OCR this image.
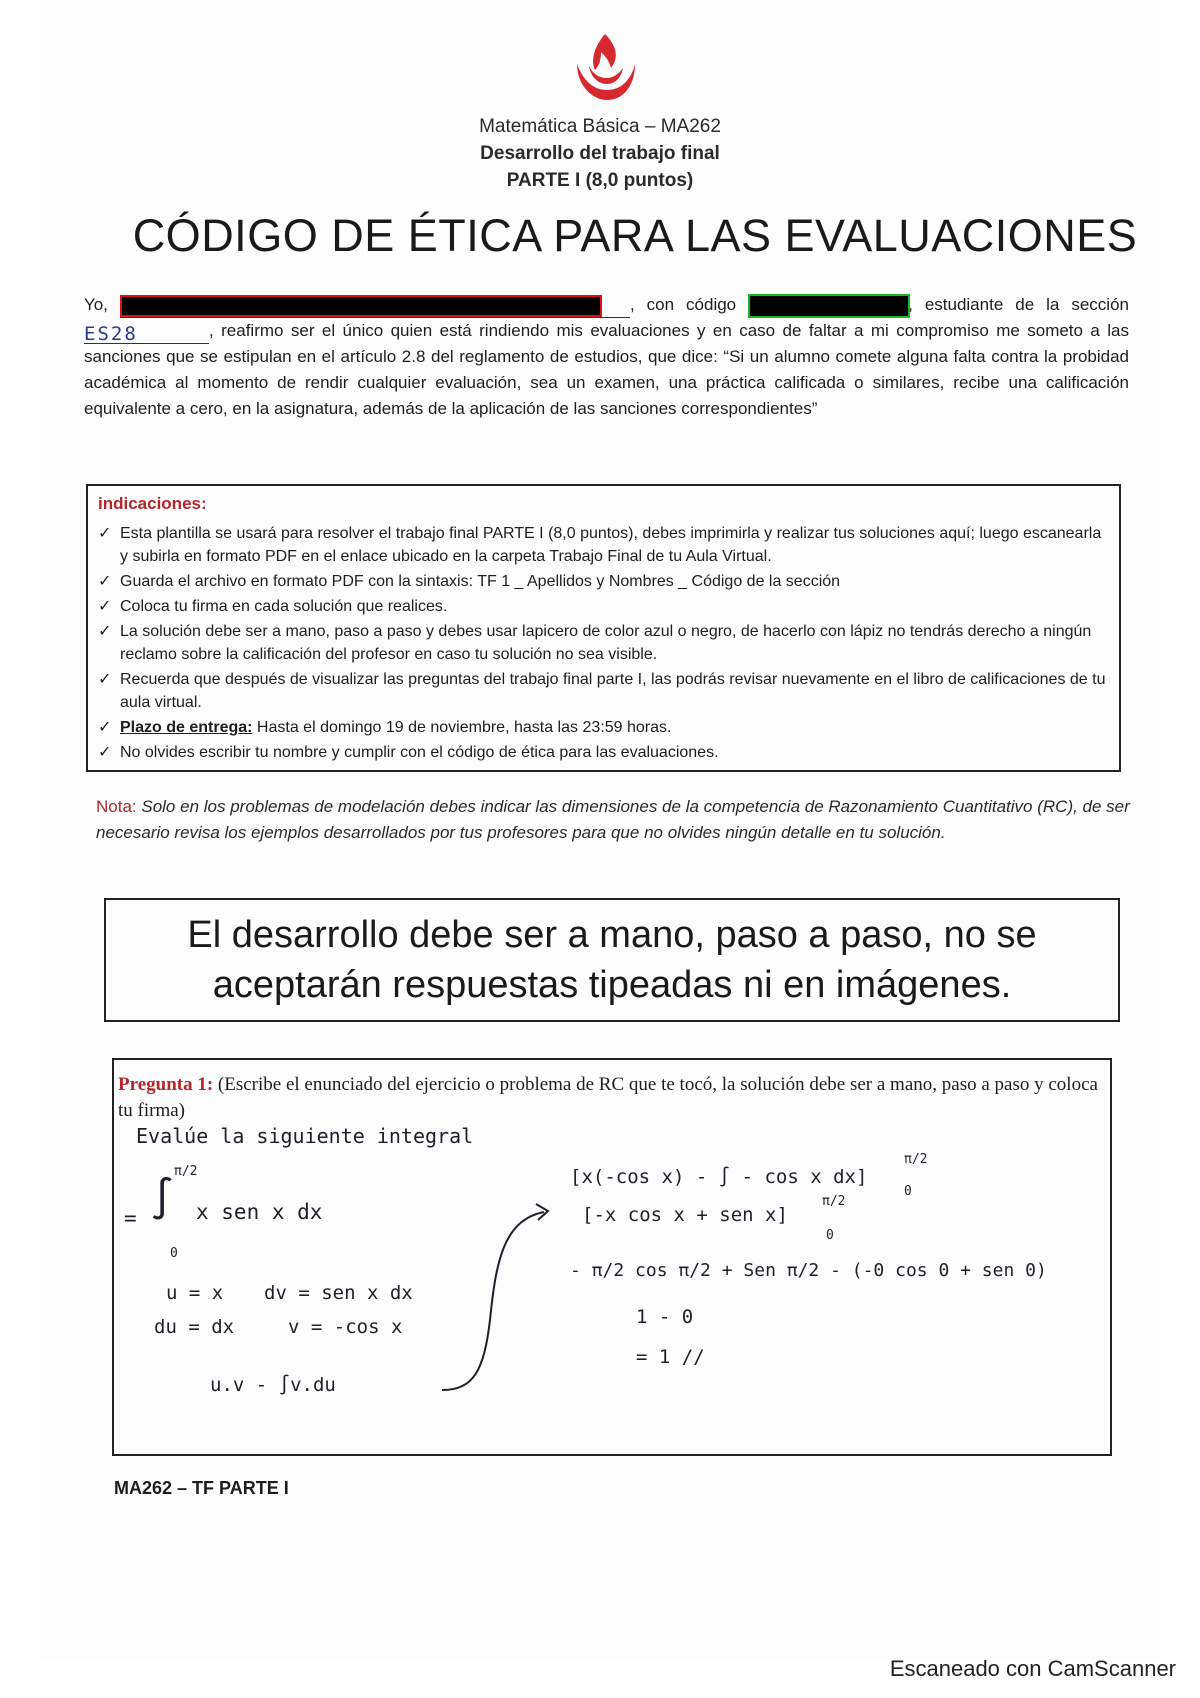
Matemática Básica – MA262
Desarrollo del trabajo final
PARTE I (8,0 puntos)
CÓDIGO DE ÉTICA PARA LAS EVALUACIONES

Yo,	, con código	, estudiante de la sección ES28	, reafirmo ser el único quien está rindiendo mis evaluaciones y en caso de faltar a mi compromiso me someto a las sanciones que se estipulan en el artículo 2.8 del reglamento de estudios, que dice: “Si un alumno comete alguna falta contra la probidad académica al momento de rendir cualquier evaluación, sea un examen, una práctica calificada o similares, recibe una calificación equivalente a cero, en la asignatura, además de la aplicación de las sanciones correspondientes”

indicaciones:
✓ Esta plantilla se usará para resolver el trabajo final PARTE I (8,0 puntos), debes imprimirla y realizar tus soluciones aquí; luego escanearla y subirla en formato PDF en el enlace ubicado en la carpeta Trabajo Final de tu Aula Virtual.
✓ Guarda el archivo en formato PDF con la sintaxis: TF 1 _ Apellidos y Nombres _ Código de la sección
✓ Coloca tu firma en cada solución que realices.
✓ La solución debe ser a mano, paso a paso y debes usar lapicero de color azul o negro, de hacerlo con lápiz no tendrás derecho a ningún reclamo sobre la calificación del profesor en caso tu solución no sea visible.
✓ Recuerda que después de visualizar las preguntas del trabajo final parte I, las podrás revisar nuevamente en el libro de calificaciones de tu aula virtual.
✓ Plazo de entrega: Hasta el domingo 19 de noviembre, hasta las 23:59 horas.
✓ No olvides escribir tu nombre y cumplir con el código de ética para las evaluaciones.
Nota: Solo en los problemas de modelación debes indicar las dimensiones de la competencia de Razonamiento Cuantitativo (RC), de ser necesario revisa los ejemplos desarrollados por tus profesores para que no olvides ningún detalle en tu solución.
El desarrollo debe ser a mano, paso a paso, no se aceptarán respuestas tipeadas ni en imágenes.
Pregunta 1: (Escribe el enunciado del ejercicio o problema de RC que te tocó, la solución debe ser a mano, paso a paso y coloca tu firma)
Evalúe la siguiente integral
= ∫
π/2
0
x sen x dx
u = x dv = sen x dx
du = dx	v = -cos x
u.v - ∫v.du
[x(-cos x) - ∫ - cos x dx]
π/2
0
[-x cos x + sen x]
π/2
0
- π/2 cos π/2 + Sen π/2 - (-0 cos 0 + sen 0)
1 - 0
= 1 //
MA262 – TF PARTE I
Escaneado con CamScanner
